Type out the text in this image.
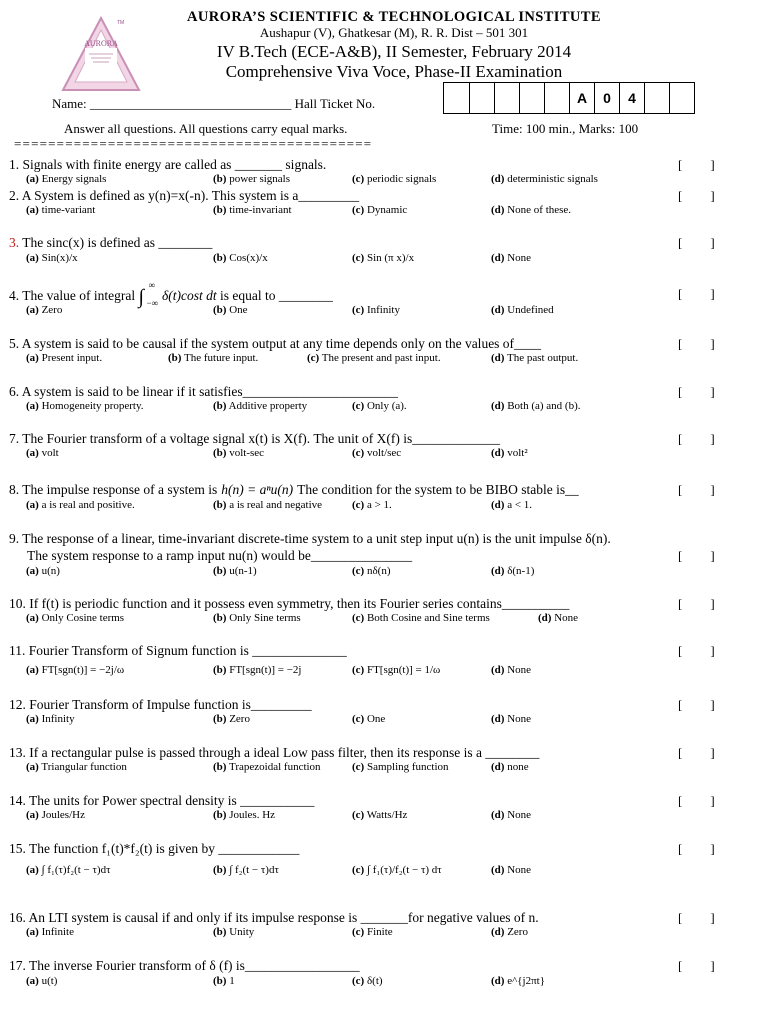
AURORA
TM	AURORA’S SCIENTIFIC & TECHNOLOGICAL INSTITUTE
Aushapur (V), Ghatkesar (M), R. R. Dist – 501 301
IV B.Tech (ECE-A&B), II Semester, February 2014
Comprehensive Viva Voce, Phase-II Examination
Name: _______________________________ Hall Ticket No.	A	0	4
Answer all questions. All questions carry equal marks.	Time: 100 min., Marks: 100
==========================================
1. Signals with finite energy are called as _______ signals.	[ ]
(a) Energy signals	(b) power signals	(c) periodic signals	(d) deterministic signals
2. A System is defined as y(n)=x(-n). This system is a_________	[ ]
(a) time-variant	(b) time-invariant	(c) Dynamic	(d) None of these.
3. The sinc(x) is defined as ________	[ ]
(a) Sin(x)/x	(b) Cos(x)/x	(c) Sin (π x)/x	(d) None
4. The value of integral ∫
∞
−∞ δ(t)cost dt is equal to ________	[ ]
(a) Zero	(b) One	(c) Infinity	(d) Undefined
5. A system is said to be causal if the system output at any time depends only on the values of____	[ ]
(a) Present input.	(b) The future input.	(c) The present and past input.	(d) The past output.
6. A system is said to be linear if it satisfies_______________________	[ ]
(a) Homogeneity property.	(b) Additive property	(c) Only (a).	(d) Both (a) and (b).
7. The Fourier transform of a voltage signal x(t) is X(f). The unit of X(f) is_____________	[ ]
(a) volt	(b) volt-sec	(c) volt/sec	(d) volt²
8. The impulse response of a system is h(n) = aⁿu(n) The condition for the system to be BIBO stable is__	[ ]
(a) a is real and positive.	(b) a is real and negative	(c) a > 1.	(d) a < 1.
9. The response of a linear, time-invariant discrete-time system to a unit step input u(n) is the unit impulse δ(n).
The system response to a ramp input nu(n) would be_______________	[ ]
(a) u(n)	(b) u(n-1)	(c) nδ(n)	(d) δ(n-1)
10. If f(t) is periodic function and it possess even symmetry, then its Fourier series contains__________	[ ]
(a) Only Cosine terms	(b) Only Sine terms	(c) Both Cosine and Sine terms	(d) None
11. Fourier Transform of Signum function is ______________	[ ]
(a) FT[sgn(t)] = −2j/ω	(b) FT[sgn(t)] = −2j	(c) FT[sgn(t)] = 1/ω	(d) None
12. Fourier Transform of Impulse function is_________	[ ]
(a) Infinity	(b) Zero	(c) One	(d) None
13. If a rectangular pulse is passed through a ideal Low pass filter, then its response is a ________	[ ]
(a) Triangular function	(b) Trapezoidal function	(c) Sampling function	(d) none
14. The units for Power spectral density is ___________	[ ]
(a) Joules/Hz	(b) Joules. Hz	(c) Watts/Hz	(d) None
15. The function f₁(t)*f₂(t) is given by ____________	[ ]
(a) ∫ f₁(τ)f₂(t − τ)dτ	(b) ∫ f₂(t − τ)dτ	(c) ∫ f₁(τ)/f₂(t − τ) dτ	(d) None
16. An LTI system is causal if and only if its impulse response is _______for negative values of n.	[ ]
(a) Infinite	(b) Unity	(c) Finite	(d) Zero
17. The inverse Fourier transform of δ (f) is_________________	[ ]
(a) u(t)	(b) 1	(c) δ(t)	(d) e^{j2πt}
